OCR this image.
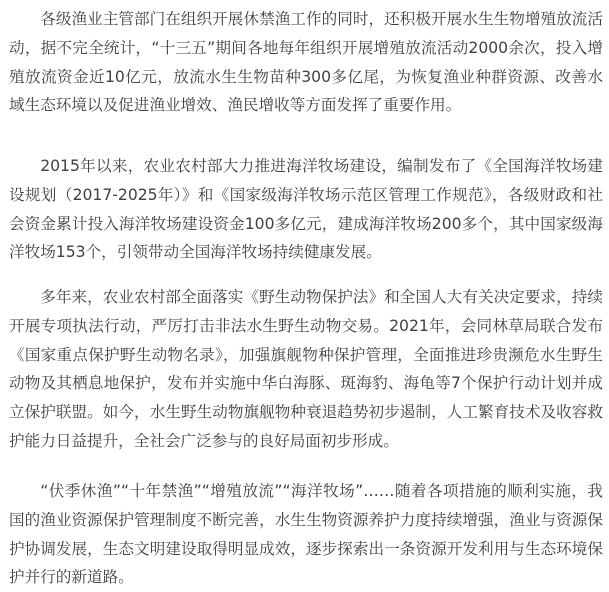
各级渔业主管部门在组织开展休禁渔工作的同时，还积极开展水生生物增殖放流活动，据不完全统计，“十三五”期间各地每年组织开展增殖放流活动2000余次，投入增殖放流资金近10亿元，放流水生生物苗种300多亿尾，为恢复渔业种群资源、改善水域生态环境以及促进渔业增效、渔民增收等方面发挥了重要作用。

2015年以来，农业农村部大力推进海洋牧场建设，编制发布了《全国海洋牧场建设规划（2017-2025年）》和《国家级海洋牧场示范区管理工作规范》，各级财政和社会资金累计投入海洋牧场建设资金100多亿元，建成海洋牧场200多个，其中国家级海洋牧场153个，引领带动全国海洋牧场持续健康发展。

多年来，农业农村部全面落实《野生动物保护法》和全国人大有关决定要求，持续开展专项执法行动，严厉打击非法水生野生动物交易。2021年，会同林草局联合发布《国家重点保护野生动物名录》，加强旗舰物种保护管理，全面推进珍贵濒危水生野生动物及其栖息地保护，发布并实施中华白海豚、斑海豹、海龟等7个保护行动计划并成立保护联盟。如今，水生野生动物旗舰物种衰退趋势初步遏制，人工繁育技术及收容救护能力日益提升，全社会广泛参与的良好局面初步形成。

“伏季休渔”“十年禁渔”“增殖放流”“海洋牧场”……随着各项措施的顺利实施，我国的渔业资源保护管理制度不断完善，水生生物资源养护力度持续增强，渔业与资源保护协调发展，生态文明建设取得明显成效，逐步探索出一条资源开发利用与生态环境保护并行的新道路。
